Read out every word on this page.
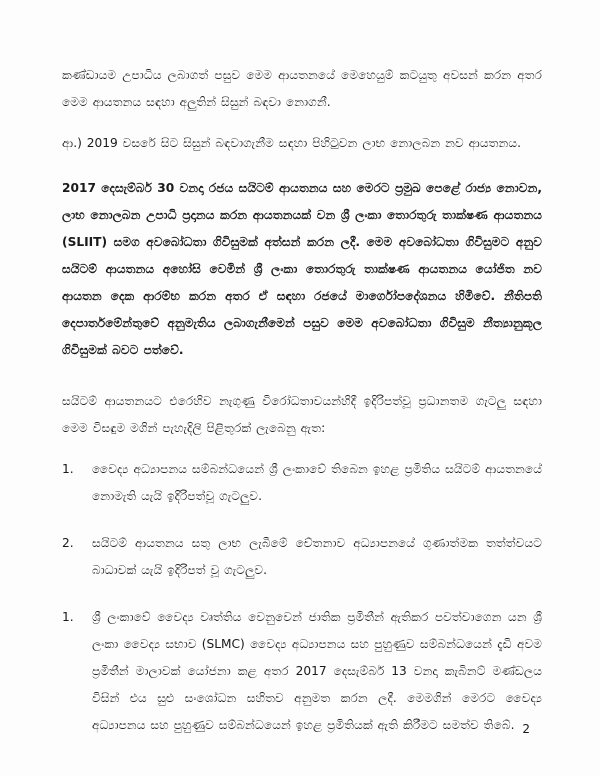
කණ්ඩායම උපාධිය ලබාගත් පසුව මෙම ආයතනයේ මෙහෙයුම් කටයුතු අවසන් කරන අතර මෙම ආයතනය සඳහා අලුතින් සිසුන් බඳවා නොගනී.

ආ.) 2019 වසරේ සිට සිසුන් බඳවාගැනීම සඳහා පිහිටුවන ලාභ නොලබන නව ආයතනය.

2017 දෙසැම්බර් 30 වනදා රජය සයිටම් ආයතනය සහ මෙරට ප්‍රමුඛ පෙළේ රාජ්‍ය නොවන, ලාභ නොලබන උපාධි ප්‍රදානය කරන ආයතනයක් වන ශ්‍රී ලංකා තොරතුරු තාක්ෂණ ආයතනය (SLIIT) සමග අවබෝධතා ගිවිසුමක් අත්සන් කරන ලදී. මෙම අවබෝධතා ගිවිසුමට අනුව සයිටම් ආයතනය අහෝසි වෙමින් ශ්‍රී ලංකා තොරතුරු තාක්ෂණ ආයතනය යෝජිත නව ආයතන දෙක ආරම්භ කරන අතර ඒ සඳහා රජයේ මාර්ගෝපදේශනය හිමිවේ. නීතිපති දෙපාර්තමේන්තුවේ අනුමැතිය ලබාගැනීමෙන් පසුව මෙම අවබෝධතා ගිවිසුම නීත්‍යානුකූල ගිවිසුමක් බවට පත්වේ.

සයිටම් ආයතනයට එරෙහිව නැගුණු විරෝධතාවයන්හිදී ඉදිරිපත්වූ ප්‍රධානතම ගැටලු සඳහා මෙම විසඳුම මගින් පැහැදිලි පිළිතුරක් ලැබෙනු ඇත:

1.	වෛද්‍ය අධ්‍යාපනය සම්බන්ධයෙන් ශ්‍රී ලංකාවේ තිබෙන ඉහළ ප්‍රමිතිය සයිටම් ආයතනයේ නොමැති යැයි ඉදිරිපත්වූ ගැටලුව.
2.	සයිටම් ආයතනය සතු ලාභ ලැබීමේ චේතනාව අධ්‍යාපනයේ ගුණාත්මක තත්ත්වයට බාධාවක් යැයි ඉදිරිපත් වූ ගැටලුව.
1.	ශ්‍රී ලංකාවේ වෛද්‍ය වෘත්තිය වෙනුවෙන් ජාතික ප්‍රමිතීන් ඇතිකර පවත්වාගෙන යන ශ්‍රී ලංකා වෛද්‍ය සභාව (SLMC) වෛද්‍ය අධ්‍යාපනය සහ පුහුණුව සම්බන්ධයෙන් දැඩි අවම ප්‍රමිතීන් මාලාවක් යෝජනා කළ අතර 2017 දෙසැම්බර් 13 වනදා කැබිනට් මණ්ඩලය විසින් එය සුළු සංශෝධන සහිතව අනුමත කරන ලදී. මෙමගින් මෙරට වෛද්‍ය අධ්‍යාපනය සහ පුහුණුව සම්බන්ධයෙන් ඉහළ ප්‍රමිතියක් ඇති කිරීමට සමත්ව තිබේ. 2
